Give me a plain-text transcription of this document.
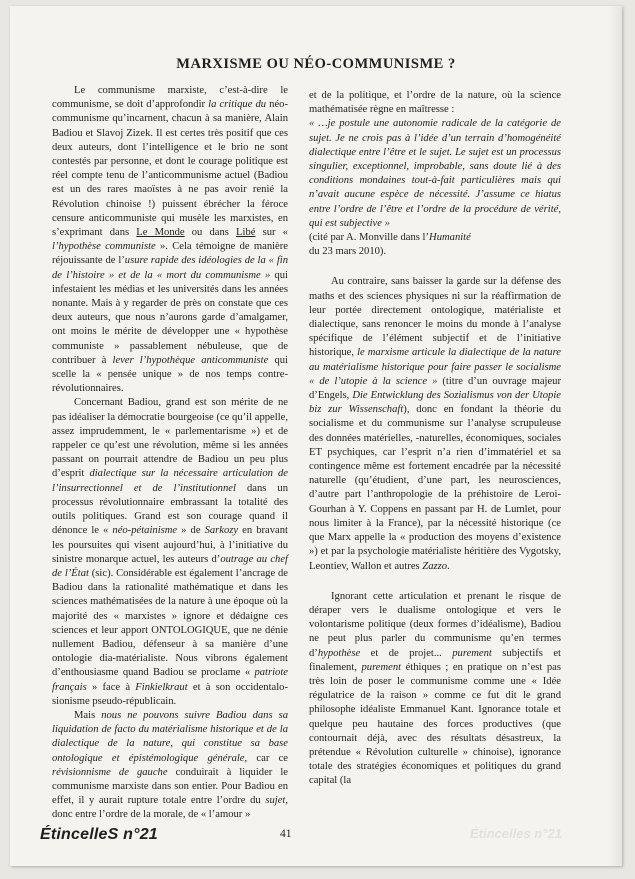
MARXISME OU NÉO-COMMUNISME ?

Le communisme marxiste, c’est-à-dire le communisme, se doit d’approfondir la critique du néo-communisme qu’incarnent, chacun à sa manière, Alain Badiou et Slavoj Zizek. Il est certes très positif que ces deux auteurs, dont l’intelligence et le brio ne sont contestés par personne, et dont le courage politique est réel compte tenu de l’anticommunisme actuel (Badiou est un des rares maoïstes à ne pas avoir renié la Révolution chinoise !) puissent ébrécher la féroce censure anticommuniste qui musèle les marxistes, en s’exprimant dans Le Monde ou dans Libé sur « l’hypothèse communiste ». Cela témoigne de manière réjouissante de l’usure rapide des idéologies de la « fin de l’histoire » et de la « mort du communisme » qui infestaient les médias et les universités dans les années nonante. Mais à y regarder de près on constate que ces deux auteurs, que nous n’aurons garde d’amalgamer, ont moins le mérite de développer une « hypothèse communiste » passablement nébuleuse, que de contribuer à lever l’hypothèque anticommuniste qui scelle la « pensée unique » de nos temps contre-révolutionnaires.

Concernant Badiou, grand est son mérite de ne pas idéaliser la démocratie bourgeoise (ce qu’il appelle, assez imprudemment, le « parlementarisme ») et de rappeler ce qu’est une révolution, même si les années passant on pourrait attendre de Badiou un peu plus d’esprit dialectique sur la nécessaire articulation de l’insurrectionnel et de l’institutionnel dans un processus révolutionnaire embrassant la totalité des outils politiques. Grand est son courage quand il dénonce le « néo-pétainisme » de Sarkozy en bravant les poursuites qui visent aujourd’hui, à l’initiative du sinistre monarque actuel, les auteurs d’outrage au chef de l’État (sic). Considérable est également l’ancrage de Badiou dans la rationalité mathématique et dans les sciences mathématisées de la nature à une époque où la majorité des « marxistes » ignore et dédaigne ces sciences et leur apport ONTOLOGIQUE, que ne dénie nullement Badiou, défenseur à sa manière d’une ontologie dia-matérialiste. Nous vibrons également d’enthousiasme quand Badiou se proclame « patriote français » face à Finkielkraut et à son occidentalo-sionisme pseudo-républicain.

Mais nous ne pouvons suivre Badiou dans sa liquidation de facto du matérialisme historique et de la dialectique de la nature, qui constitue sa base ontologique et épistémologique générale, car ce révisionnisme de gauche conduirait à liquider le communisme marxiste dans son entier. Pour Badiou en effet, il y aurait rupture totale entre l’ordre du sujet, donc entre l’ordre de la morale, de « l’amour »

et de la politique, et l’ordre de la nature, où la science mathématisée règne en maîtresse :

« …je postule une autonomie radicale de la catégorie de sujet. Je ne crois pas à l’idée d’un terrain d’homogénéité dialectique entre l’être et le sujet. Le sujet est un processus singulier, exceptionnel, improbable, sans doute lié à des conditions mondaines tout-à-fait particulières mais qui n’avait aucune espèce de nécessité. J’assume ce hiatus entre l’ordre de l’être et l’ordre de la procédure de vérité, qui est subjective »

(cité par A. Monville dans l’Humanité

du 23 mars 2010).

Au contraire, sans baisser la garde sur la défense des maths et des sciences physiques ni sur la réaffirmation de leur portée directement ontologique, matérialiste et dialectique, sans renoncer le moins du monde à l’analyse spécifique de l’élément subjectif et de l’initiative historique, le marxisme articule la dialectique de la nature au matérialisme historique pour faire passer le socialisme « de l’utopie à la science » (titre d’un ouvrage majeur d’Engels, Die Entwicklung des Sozialismus von der Utopie biz zur Wissenschaft), donc en fondant la théorie du socialisme et du communisme sur l’analyse scrupuleuse des données matérielles, -naturelles, économiques, sociales ET psychiques, car l’esprit n’a rien d’immatériel et sa contingence même est fortement encadrée par la nécessité naturelle (qu’étudient, d’une part, les neurosciences, d’autre part l’anthropologie de la préhistoire de Leroi-Gourhan à Y. Coppens en passant par H. de Lumlet, pour nous limiter à la France), par la nécessité historique (ce que Marx appelle la « production des moyens d’existence ») et par la psychologie matérialiste héritière des Vygotsky, Leontiev, Wallon et autres Zazzo.

Ignorant cette articulation et prenant le risque de déraper vers le dualisme ontologique et vers le volontarisme politique (deux formes d’idéalisme), Badiou ne peut plus parler du communisme qu’en termes d’hypothèse et de projet... purement subjectifs et finalement, purement éthiques ; en pratique on n’est pas très loin de poser le communisme comme une « Idée régulatrice de la raison » comme ce fut dit le grand philosophe idéaliste Emmanuel Kant. Ignorance totale et quelque peu hautaine des forces productives (que contournait déjà, avec des résultats désastreux, la prétendue « Révolution culturelle » chinoise), ignorance totale des stratégies économiques et politiques du grand capital (la

ÉtincelleS n°21	41	Étincelles n°21
